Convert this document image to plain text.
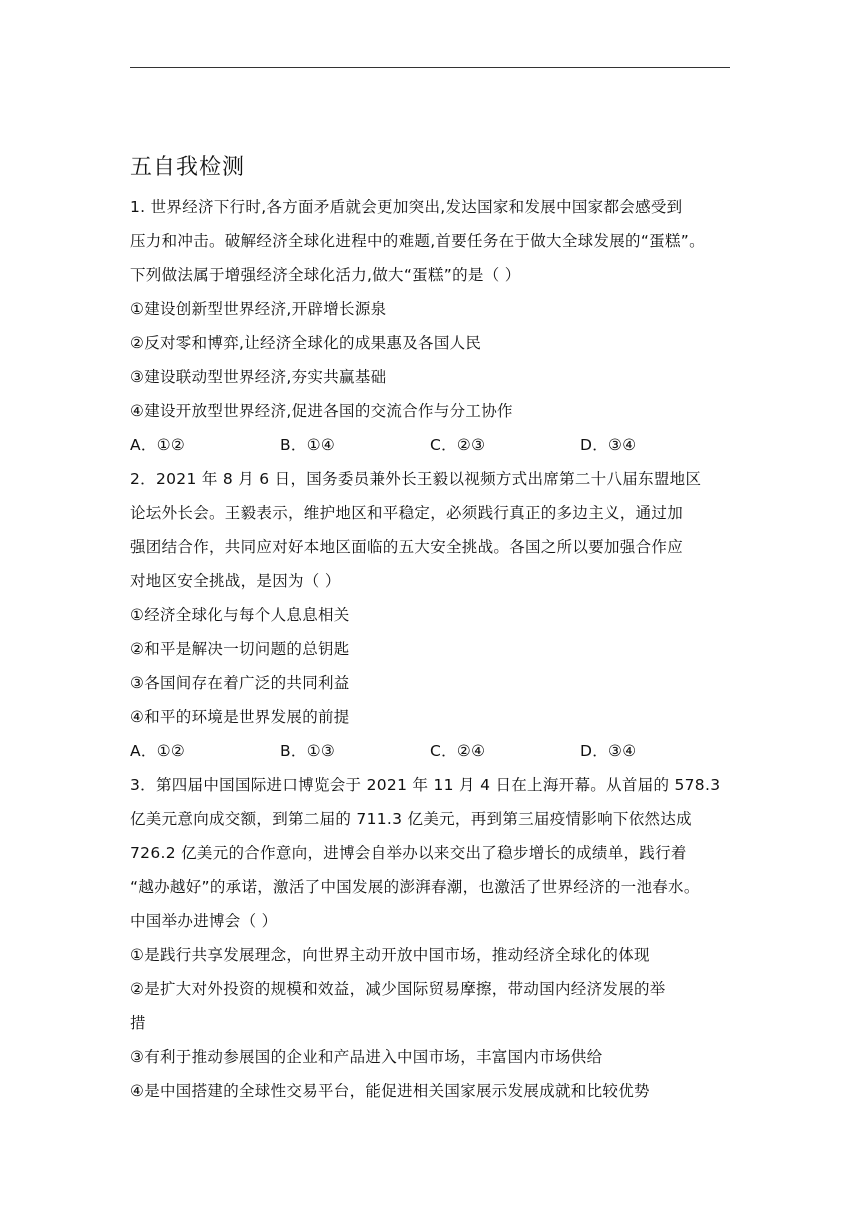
五自我检测
1. 世界经济下行时,各方面矛盾就会更加突出,发达国家和发展中国家都会感受到
压力和冲击。破解经济全球化进程中的难题,首要任务在于做大全球发展的“蛋糕”。
下列做法属于增强经济全球化活力,做大“蛋糕”的是（ ）
①建设创新型世界经济,开辟增长源泉
②反对零和博弈,让经济全球化的成果惠及各国人民
③建设联动型世界经济,夯实共赢基础
④建设开放型世界经济,促进各国的交流合作与分工协作
A．①②	B．①④	C．②③	D．③④
2．2021 年 8 月 6 日，国务委员兼外长王毅以视频方式出席第二十八届东盟地区
论坛外长会。王毅表示，维护地区和平稳定，必须践行真正的多边主义，通过加
强团结合作，共同应对好本地区面临的五大安全挑战。各国之所以要加强合作应
对地区安全挑战，是因为（ ）
①经济全球化与每个人息息相关
②和平是解决一切问题的总钥匙
③各国间存在着广泛的共同利益
④和平的环境是世界发展的前提
A．①②	B．①③	C．②④	D．③④
3．第四届中国国际进口博览会于 2021 年 11 月 4 日在上海开幕。从首届的 578.3
亿美元意向成交额，到第二届的 711.3 亿美元，再到第三届疫情影响下依然达成
726.2 亿美元的合作意向，进博会自举办以来交出了稳步增长的成绩单，践行着
“越办越好”的承诺，激活了中国发展的澎湃春潮，也激活了世界经济的一池春水。
中国举办进博会（ ）
①是践行共享发展理念，向世界主动开放中国市场，推动经济全球化的体现
②是扩大对外投资的规模和效益，减少国际贸易摩擦，带动国内经济发展的举
措
③有利于推动参展国的企业和产品进入中国市场，丰富国内市场供给
④是中国搭建的全球性交易平台，能促进相关国家展示发展成就和比较优势
